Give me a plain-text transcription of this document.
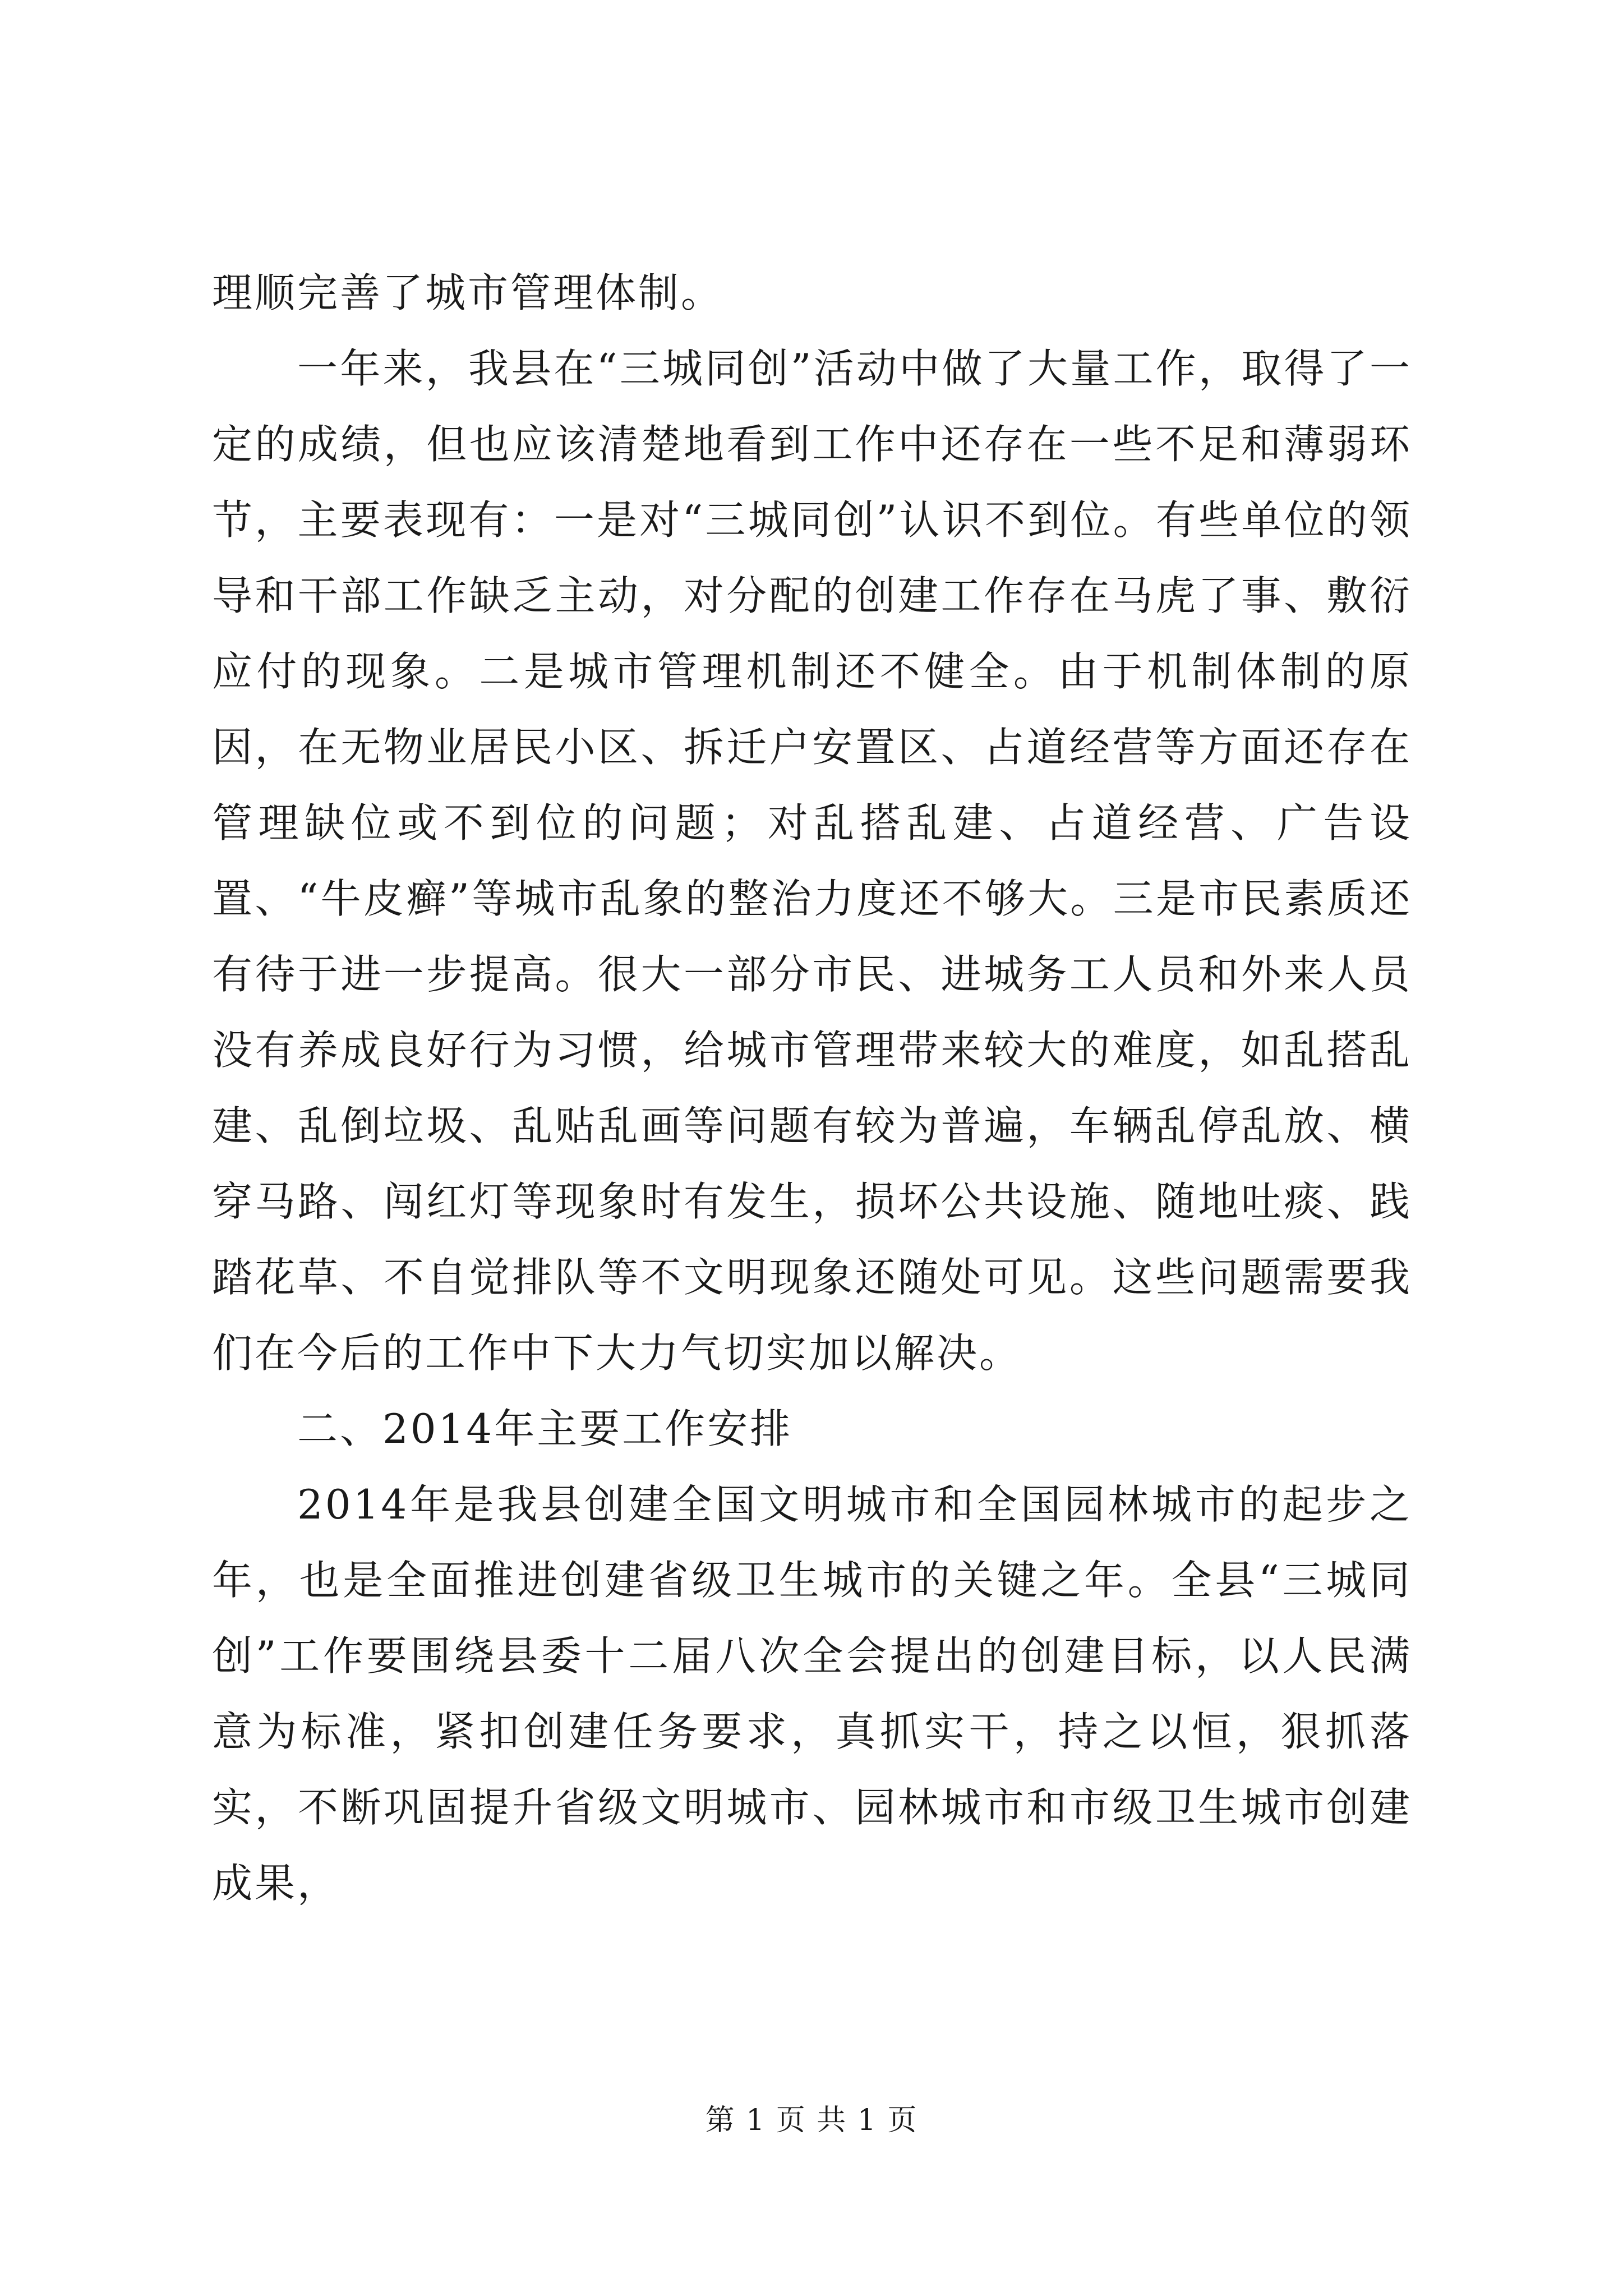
理顺完善了城市管理体制。

一年来，我县在“三城同创”活动中做了大量工作，取得了一定的成绩，但也应该清楚地看到工作中还存在一些不足和薄弱环节，主要表现有：一是对“三城同创”认识不到位。有些单位的领导和干部工作缺乏主动，对分配的创建工作存在马虎了事、敷衍应付的现象。二是城市管理机制还不健全。由于机制体制的原因，在无物业居民小区、拆迁户安置区、占道经营等方面还存在管理缺位或不到位的问题；对乱搭乱建、占道经营、广告设置、“牛皮癣”等城市乱象的整治力度还不够大。三是市民素质还有待于进一步提高。很大一部分市民、进城务工人员和外来人员没有养成良好行为习惯，给城市管理带来较大的难度，如乱搭乱建、乱倒垃圾、乱贴乱画等问题有较为普遍，车辆乱停乱放、横穿马路、闯红灯等现象时有发生，损坏公共设施、随地吐痰、践踏花草、不自觉排队等不文明现象还随处可见。这些问题需要我们在今后的工作中下大力气切实加以解决。

二、2014年主要工作安排

2014年是我县创建全国文明城市和全国园林城市的起步之年，也是全面推进创建省级卫生城市的关键之年。全县“三城同创”工作要围绕县委十二届八次全会提出的创建目标，以人民满意为标准，紧扣创建任务要求，真抓实干，持之以恒，狠抓落实，不断巩固提升省级文明城市、园林城市和市级卫生城市创建成果，

第 1 页 共 1 页
